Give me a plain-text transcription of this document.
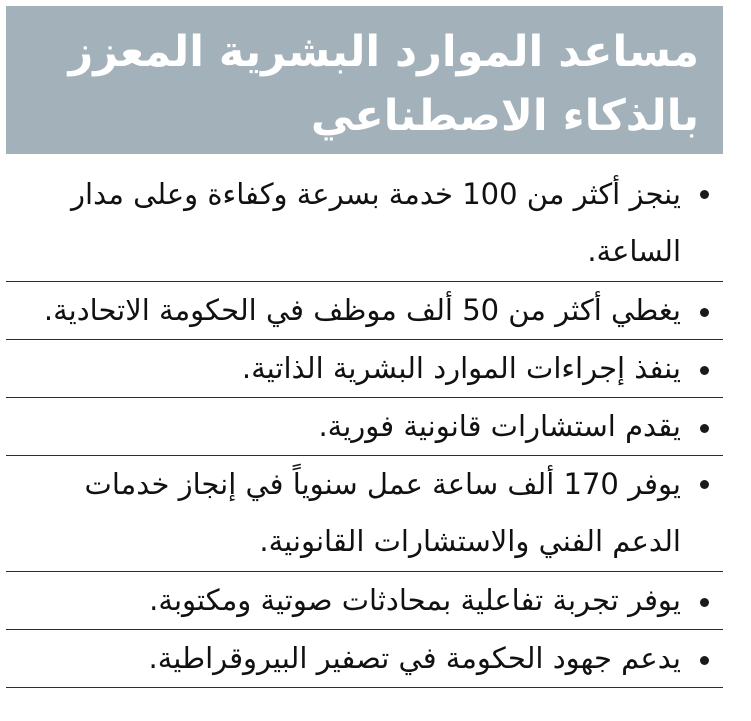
مساعد الموارد البشرية المعزز
بالذكاء الاصطناعي
ينجز أكثر من 100 خدمة بسرعة وكفاءة وعلى مدار الساعة.
يغطي أكثر من 50 ألف موظف في الحكومة الاتحادية.
ينفذ إجراءات الموارد البشرية الذاتية.
يقدم استشارات قانونية فورية.
يوفر 170 ألف ساعة عمل سنوياً في إنجاز خدمات الدعم الفني والاستشارات القانونية.
يوفر تجربة تفاعلية بمحادثات صوتية ومكتوبة.
يدعم جهود الحكومة في تصفير البيروقراطية.
